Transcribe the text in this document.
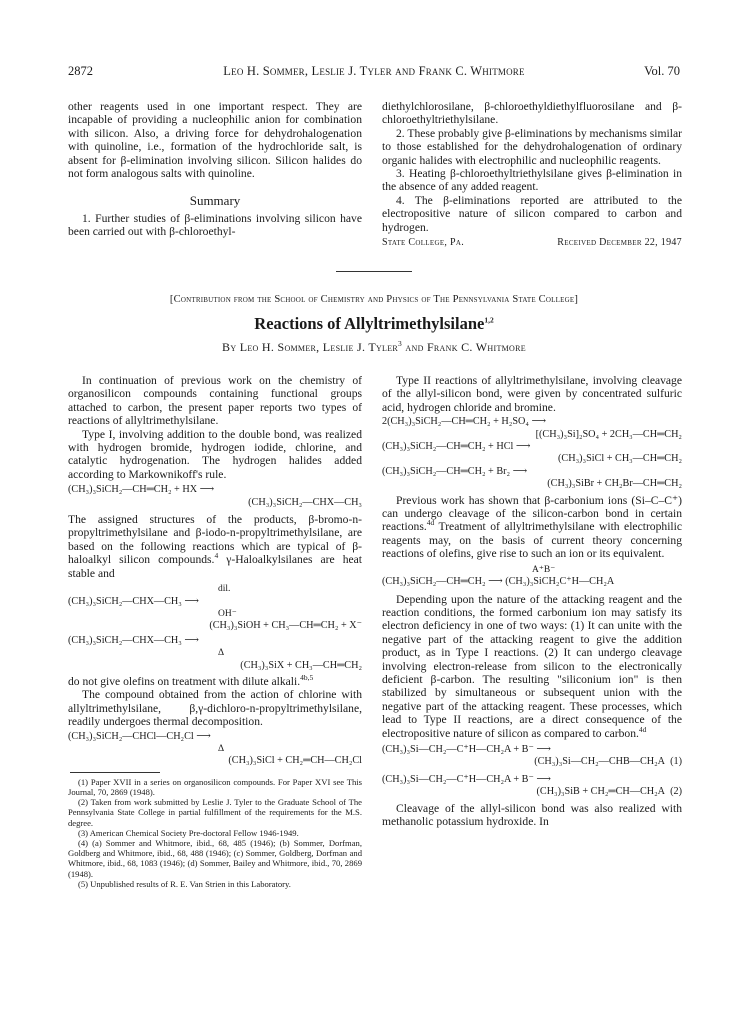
2872	Leo H. Sommer, Leslie J. Tyler and Frank C. Whitmore	Vol. 70

other reagents used in one important respect. They are incapable of providing a nucleophilic anion for combination with silicon. Also, a driving force for dehydrohalogenation with quinoline, i.e., formation of the hydrochloride salt, is absent for β-elimination involving silicon. Silicon halides do not form analogous salts with quinoline.

Summary

1. Further studies of β-eliminations involving silicon have been carried out with β-chloroethyl-

diethylchlorosilane, β-chloroethyldiethylfluorosilane and β-chloroethyltriethylsilane.

2. These probably give β-eliminations by mechanisms similar to those established for the dehydrohalogenation of ordinary organic halides with electrophilic and nucleophilic reagents.

3. Heating β-chloroethyltriethylsilane gives β-elimination in the absence of any added reagent.

4. The β-eliminations reported are attributed to the electropositive nature of silicon compared to carbon and hydrogen.

State College, Pa.	Received December 22, 1947
[Contribution from the School of Chemistry and Physics of The Pennsylvania State College]
Reactions of Allyltrimethylsilane$^{1,2}$
By Leo H. Sommer, Leslie J. Tyler$^3$ and Frank C. Whitmore

In continuation of previous work on the chemistry of organosilicon compounds containing functional groups attached to carbon, the present paper reports two types of reactions of allyltrimethylsilane.

Type I, involving addition to the double bond, was realized with hydrogen bromide, hydrogen iodide, chlorine, and catalytic hydrogenation. The hydrogen halides added according to Markownikoff's rule.

(CH₃)₃SiCH₂—CH═CH₂ + HX ⟶
(CH₃)₃SiCH₂—CHX—CH₃

The assigned structures of the products, β-bromo-n-propyltrimethylsilane and β-iodo-n-propyltrimethylsilane, are based on the following reactions which are typical of β-haloalkyl silicon compounds.$^4$ γ-Haloalkylsilanes are heat stable and

dil.
(CH₃)₃SiCH₂—CHX—CH₃ ⟶
OH⁻
(CH₃)₃SiOH + CH₃—CH═CH₂ + X⁻
(CH₃)₃SiCH₂—CHX—CH₃ ⟶
Δ
(CH₃)₃SiX + CH₃—CH═CH₂

do not give olefins on treatment with dilute alkali.$^{4b,5}$

The compound obtained from the action of chlorine with allyltrimethylsilane, β,γ-dichloro-n-propyltrimethylsilane, readily undergoes thermal decomposition.

(CH₃)₃SiCH₂—CHCl—CH₂Cl ⟶
Δ
(CH₃)₃SiCl + CH₂═CH—CH₂Cl

(1) Paper XVII in a series on organosilicon compounds. For Paper XVI see This Journal, 70, 2869 (1948).

(2) Taken from work submitted by Leslie J. Tyler to the Graduate School of The Pennsylvania State College in partial fulfillment of the requirements for the M.S. degree.

(3) American Chemical Society Pre-doctoral Fellow 1946-1949.

(4) (a) Sommer and Whitmore, ibid., 68, 485 (1946); (b) Sommer, Dorfman, Goldberg and Whitmore, ibid., 68, 488 (1946); (c) Sommer, Goldberg, Dorfman and Whitmore, ibid., 68, 1083 (1946); (d) Sommer, Bailey and Whitmore, ibid., 70, 2869 (1948).

(5) Unpublished results of R. E. Van Strien in this Laboratory.

Type II reactions of allyltrimethylsilane, involving cleavage of the allyl-silicon bond, were given by concentrated sulfuric acid, hydrogen chloride and bromine.

2(CH₃)₃SiCH₂—CH═CH₂ + H₂SO₄ ⟶
[(CH₃)₃Si]₂SO₄ + 2CH₃—CH═CH₂
(CH₃)₃SiCH₂—CH═CH₂ + HCl ⟶
(CH₃)₃SiCl + CH₃—CH═CH₂
(CH₃)₃SiCH₂—CH═CH₂ + Br₂ ⟶
(CH₃)₃SiBr + CH₂Br—CH═CH₂

Previous work has shown that β-carbonium ions (Si–C–C⁺) can undergo cleavage of the silicon-carbon bond in certain reactions.$^{4d}$ Treatment of allyltrimethylsilane with electrophilic reagents may, on the basis of current theory concerning reactions of olefins, give rise to such an ion or its equivalent.

A⁺B⁻
(CH₃)₃SiCH₂—CH═CH₂ ⟶ (CH₃)₃SiCH₂C⁺H—CH₂A

Depending upon the nature of the attacking reagent and the reaction conditions, the formed carbonium ion may satisfy its electron deficiency in one of two ways: (1) It can unite with the negative part of the attacking reagent to give the addition product, as in Type I reactions. (2) It can undergo cleavage involving electron-release from silicon to the electronically deficient β-carbon. The resulting "siliconium ion" is then stabilized by simultaneous or subsequent union with the negative part of the attacking reagent. These processes, which lead to Type II reactions, are a direct consequence of the electropositive nature of silicon as compared to carbon.$^{4d}$

(CH₃)₃Si—CH₂—C⁺H—CH₂A + B⁻ ⟶
(CH₃)₃Si—CH₂—CHB—CH₂A (1)
(CH₃)₃Si—CH₂—C⁺H—CH₂A + B⁻ ⟶
(CH₃)₃SiB + CH₂═CH—CH₂A (2)

Cleavage of the allyl-silicon bond was also realized with methanolic potassium hydroxide. In
